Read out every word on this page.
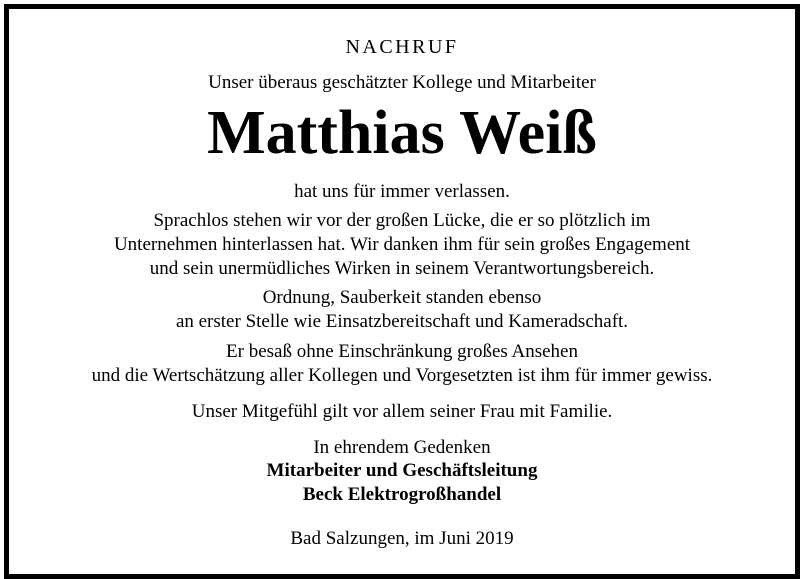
NACHRUF
Unser überaus geschätzter Kollege und Mitarbeiter
Matthias Weiß
hat uns für immer verlassen.
Sprachlos stehen wir vor der großen Lücke, die er so plötzlich im
Unternehmen hinterlassen hat. Wir danken ihm für sein großes Engagement
und sein unermüdliches Wirken in seinem Verantwortungsbereich.
Ordnung, Sauberkeit standen ebenso
an erster Stelle wie Einsatzbereitschaft und Kameradschaft.
Er besaß ohne Einschränkung großes Ansehen
und die Wertschätzung aller Kollegen und Vorgesetzten ist ihm für immer gewiss.
Unser Mitgefühl gilt vor allem seiner Frau mit Familie.
In ehrendem Gedenken
Mitarbeiter und Geschäftsleitung
Beck Elektrogroßhandel
Bad Salzungen, im Juni 2019
